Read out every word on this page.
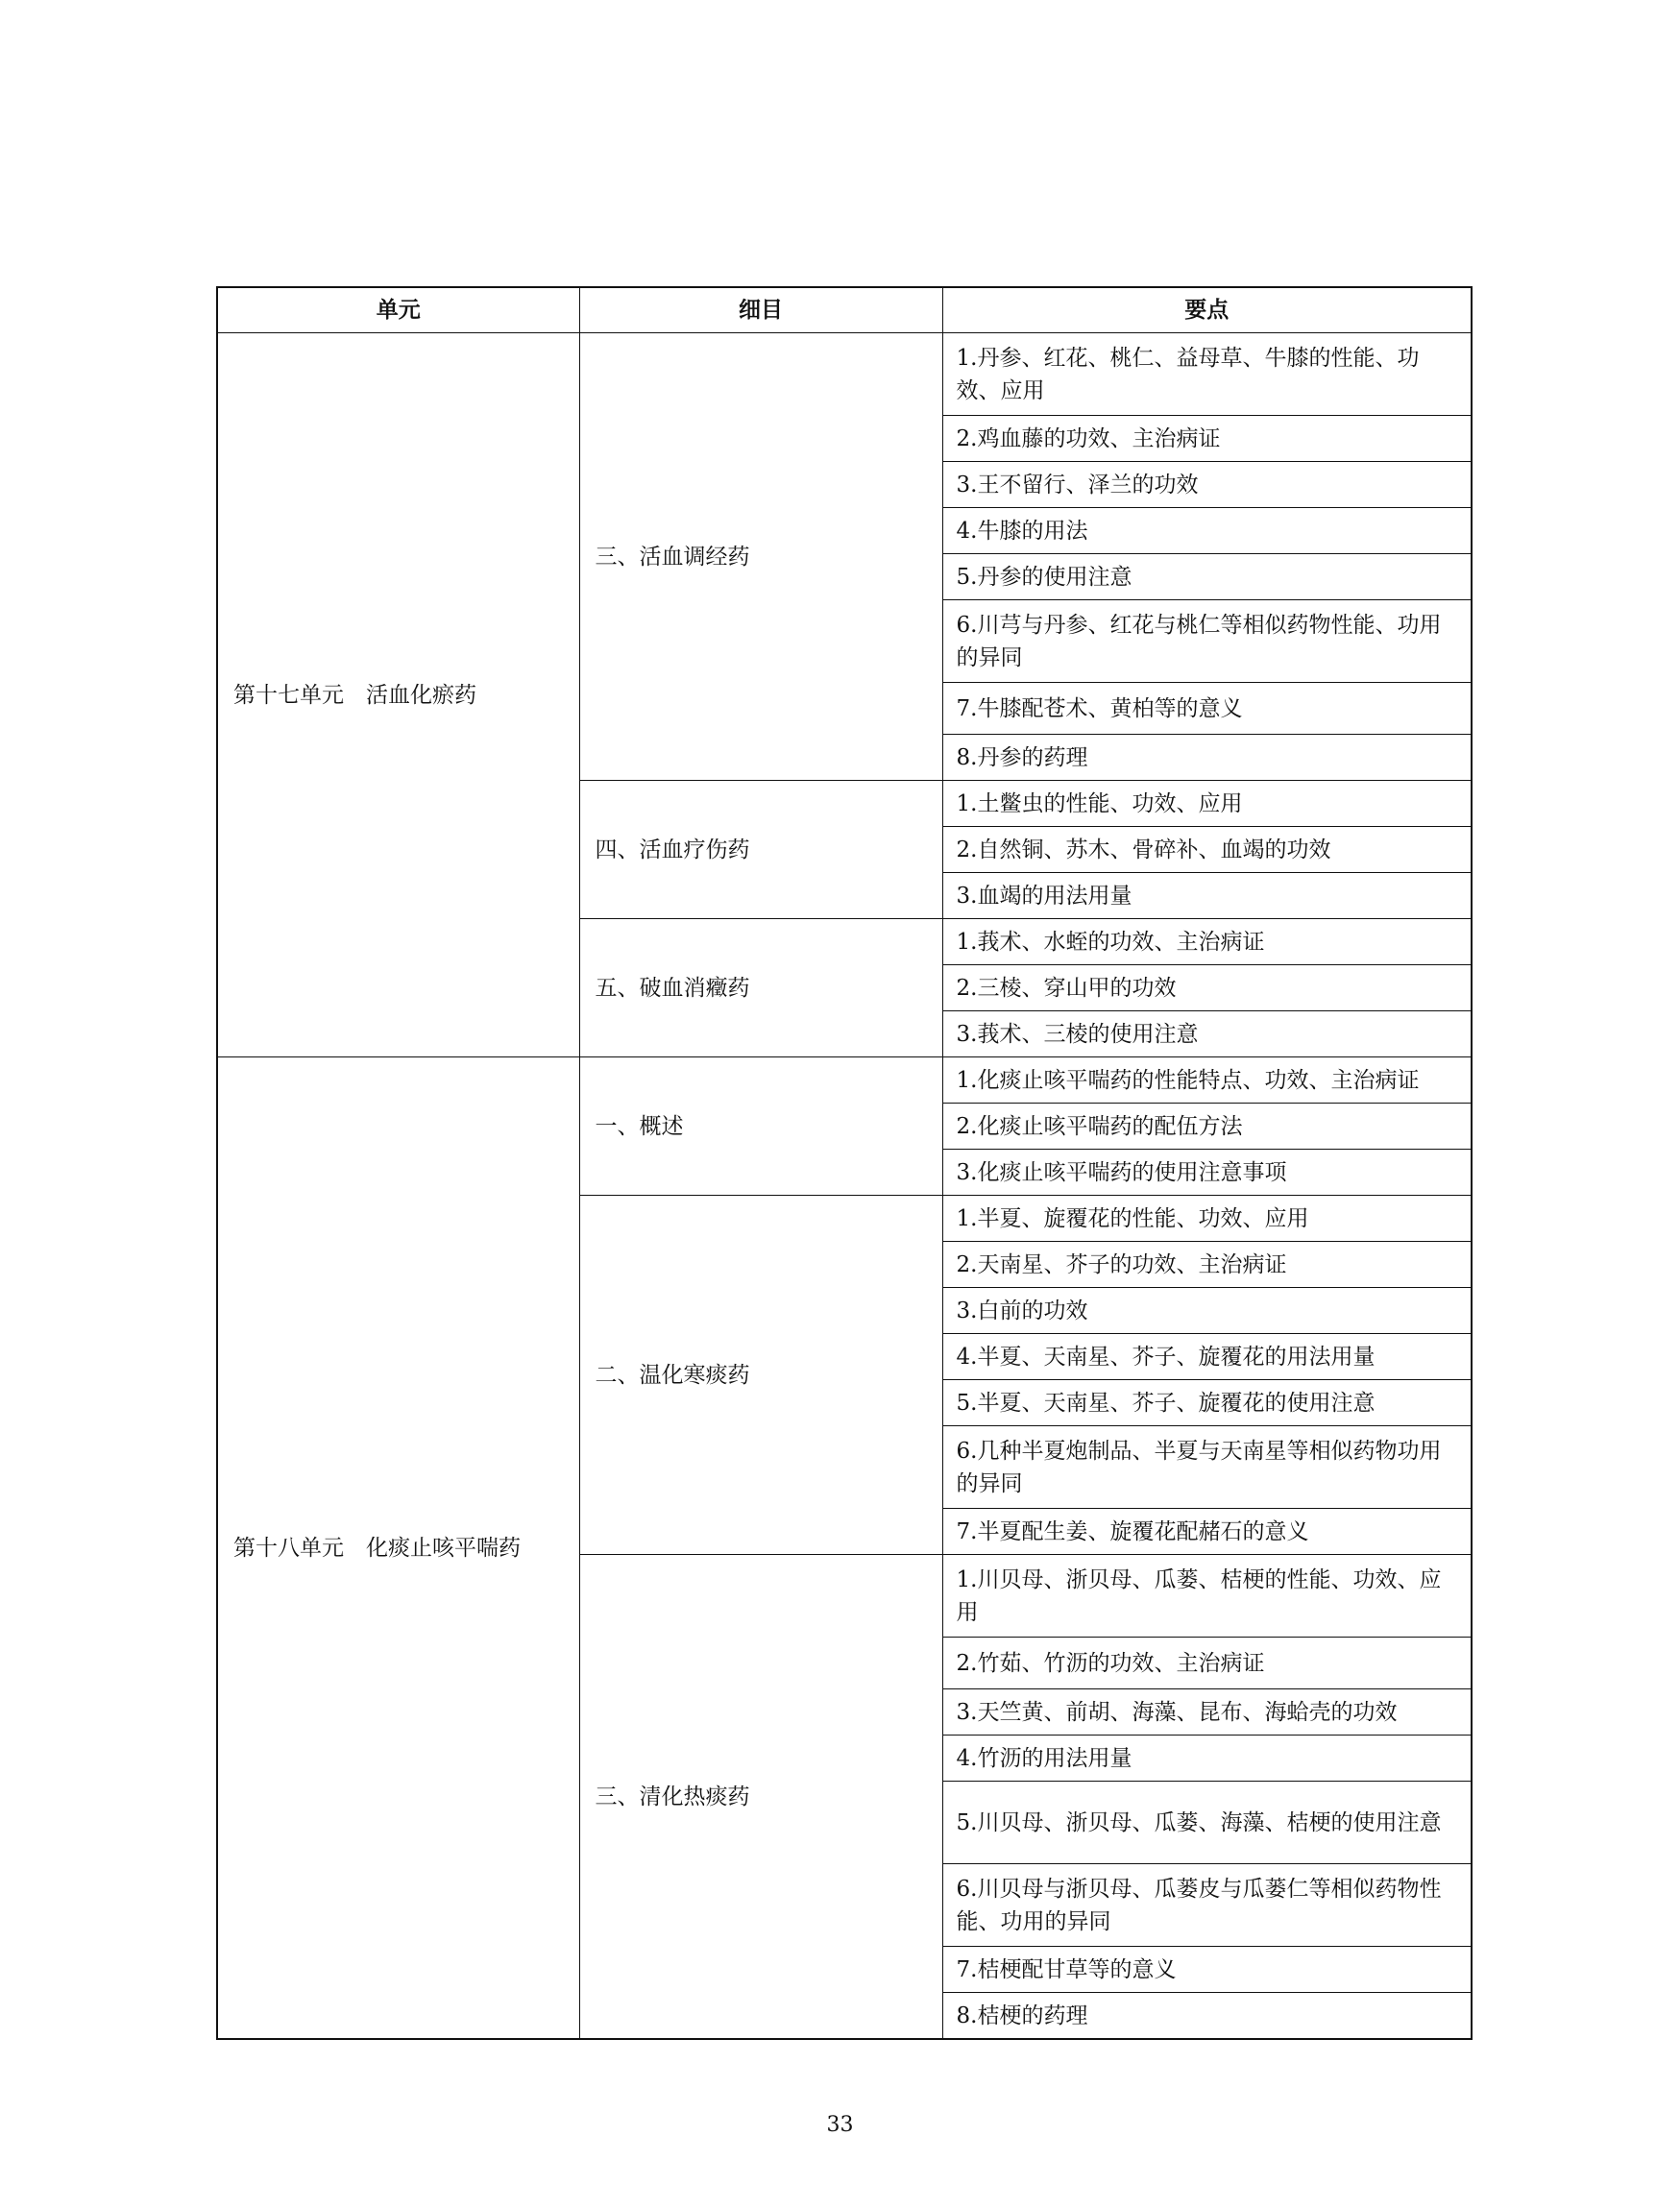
单元	细目	要点
第十七单元　活血化瘀药	三、活血调经药	1.丹参、红花、桃仁、益母草、牛膝的性能、功效、应用
		2.鸡血藤的功效、主治病证
		3.王不留行、泽兰的功效
		4.牛膝的用法
		5.丹参的使用注意
		6.川芎与丹参、红花与桃仁等相似药物性能、功用的异同
		7.牛膝配苍术、黄柏等的意义
		8.丹参的药理
	四、活血疗伤药	1.土鳖虫的性能、功效、应用
		2.自然铜、苏木、骨碎补、血竭的功效
		3.血竭的用法用量
	五、破血消癥药	1.莪术、水蛭的功效、主治病证
		2.三棱、穿山甲的功效
		3.莪术、三棱的使用注意
第十八单元　化痰止咳平喘药	一、概述	1.化痰止咳平喘药的性能特点、功效、主治病证
		2.化痰止咳平喘药的配伍方法
		3.化痰止咳平喘药的使用注意事项
	二、温化寒痰药	1.半夏、旋覆花的性能、功效、应用
		2.天南星、芥子的功效、主治病证
		3.白前的功效
		4.半夏、天南星、芥子、旋覆花的用法用量
		5.半夏、天南星、芥子、旋覆花的使用注意
		6.几种半夏炮制品、半夏与天南星等相似药物功用的异同
		7.半夏配生姜、旋覆花配赭石的意义
	三、清化热痰药	1.川贝母、浙贝母、瓜蒌、桔梗的性能、功效、应用
		2.竹茹、竹沥的功效、主治病证
		3.天竺黄、前胡、海藻、昆布、海蛤壳的功效
		4.竹沥的用法用量
		5.川贝母、浙贝母、瓜蒌、海藻、桔梗的使用注意
		6.川贝母与浙贝母、瓜蒌皮与瓜蒌仁等相似药物性能、功用的异同
		7.桔梗配甘草等的意义
		8.桔梗的药理
33
